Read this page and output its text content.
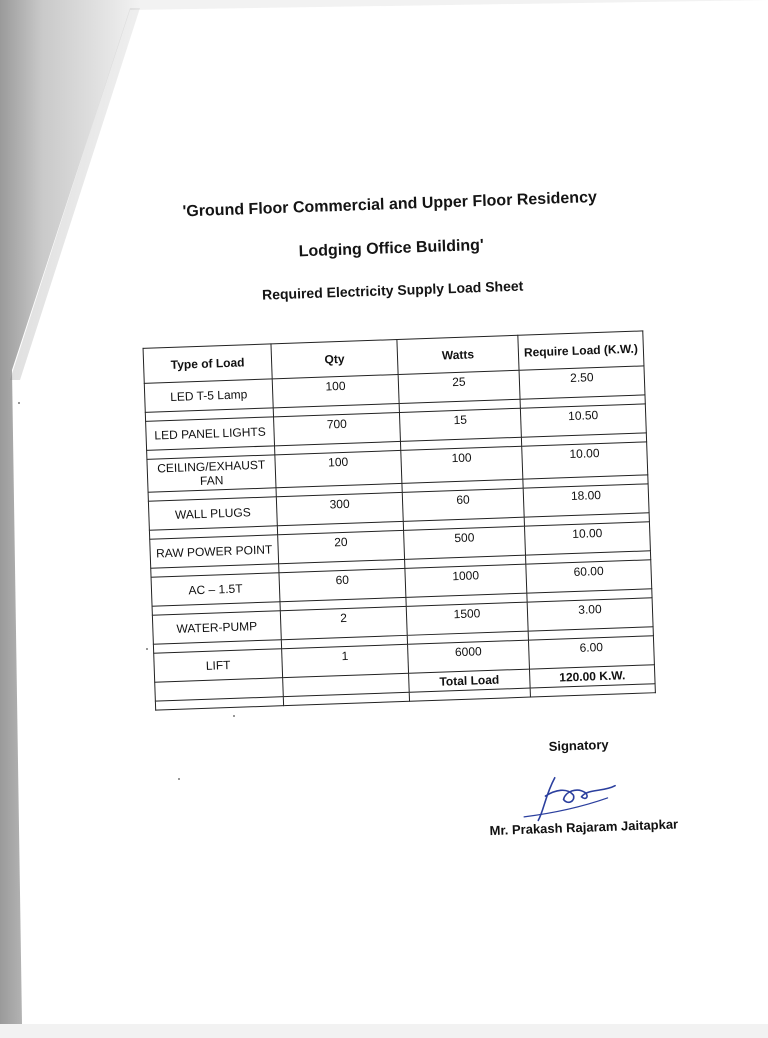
'Ground Floor Commercial and Upper Floor Residency
Lodging Office Building'
Required Electricity Supply Load Sheet
Type of Load	Qty	Watts	Require Load (K.W.)
LED T-5 Lamp	100	25	2.50

LED PANEL LIGHTS	700	15	10.50

CEILING/EXHAUST FAN	100	100	10.00

WALL PLUGS	300	60	18.00

RAW POWER POINT	20	500	10.00

AC – 1.5T	60	1000	60.00

WATER-PUMP	2	1500	3.00

LIFT	1	6000	6.00
		Total Load	120.00 K.W.

Signatory
Mr. Prakash Rajaram Jaitapkar
